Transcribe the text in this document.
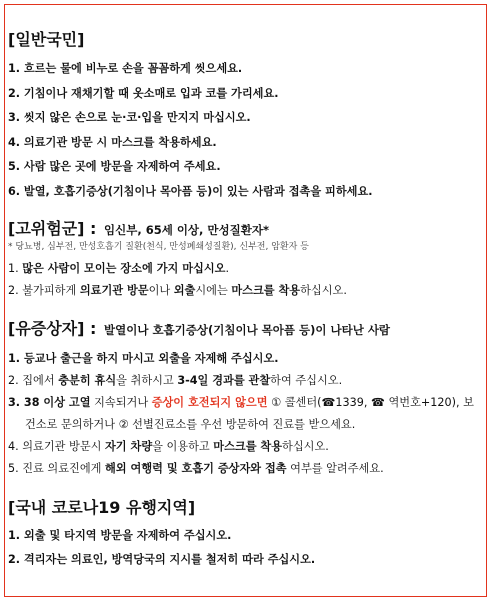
[일반국민]
1. 흐르는 물에 비누로 손을 꼼꼼하게 씻으세요.
2. 기침이나 재채기할 때 옷소매로 입과 코를 가리세요.
3. 씻지 않은 손으로 눈·코·입을 만지지 마십시오.
4. 의료기관 방문 시 마스크를 착용하세요.
5. 사람 많은 곳에 방문을 자제하여 주세요.
6. 발열, 호흡기증상(기침이나 목아픔 등)이 있는 사람과 접촉을 피하세요.
[고위험군] : 임신부, 65세 이상, 만성질환자*
* 당뇨병, 심부전, 만성호흡기 질환(천식, 만성폐쇄성질환), 신부전, 암환자 등
1. 많은 사람이 모이는 장소에 가지 마십시오.
2. 불가피하게 의료기관 방문이나 외출시에는 마스크를 착용하십시오.
[유증상자] : 발열이나 호흡기증상(기침이나 목아픔 등)이 나타난 사람
1. 등교나 출근을 하지 마시고 외출을 자제해 주십시오.
2. 집에서 충분히 휴식을 취하시고 3-4일 경과를 관찰하여 주십시오.
3. 38 이상 고열 지속되거나 증상이 호전되지 않으면 ① 콜센터(☎1339, ☎ 역번호+120), 보건소로 문의하거나 ② 선별진료소를 우선 방문하여 진료를 받으세요.
4. 의료기관 방문시 자기 차량을 이용하고 마스크를 착용하십시오.
5. 진료 의료진에게 해외 여행력 및 호흡기 증상자와 접촉 여부를 알려주세요.
[국내 코로나19 유행지역]
1. 외출 및 타지역 방문을 자제하여 주십시오.
2. 격리자는 의료인, 방역당국의 지시를 철저히 따라 주십시오.
